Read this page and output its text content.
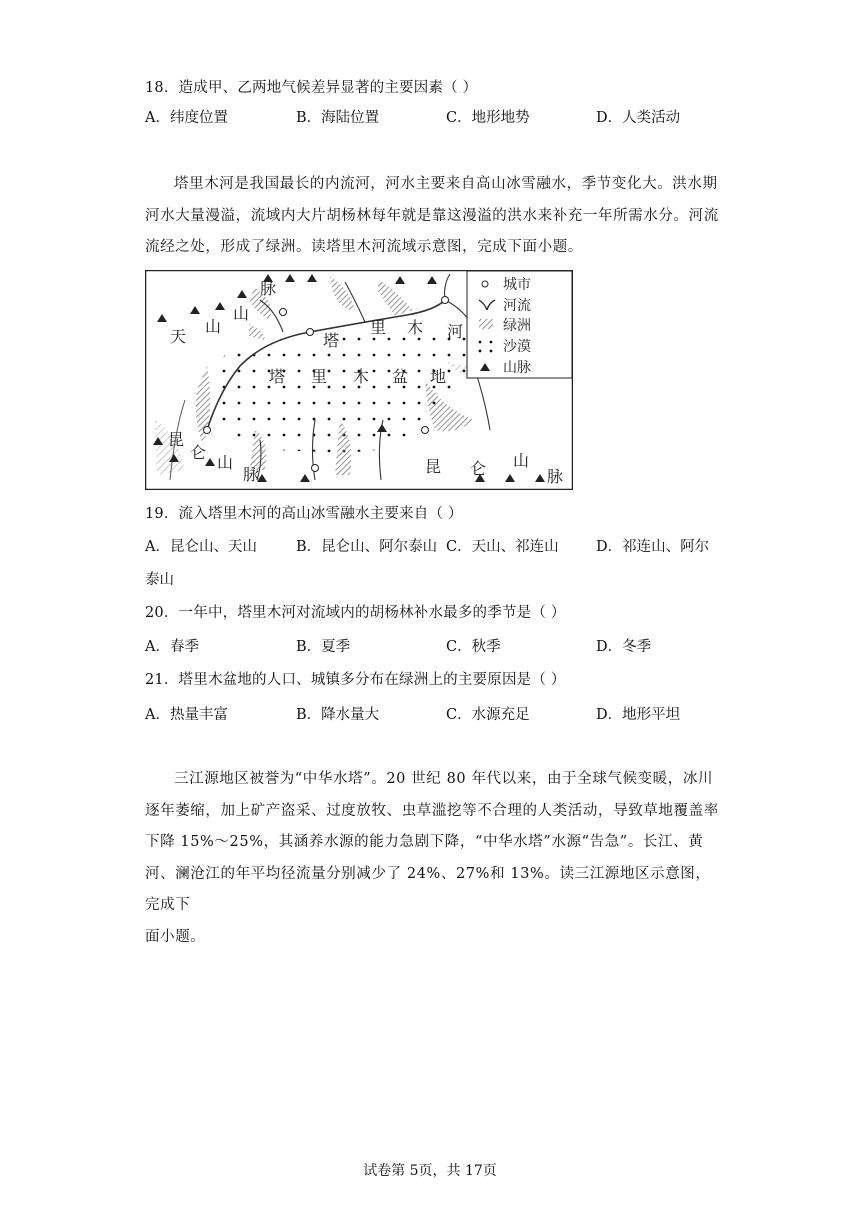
18．造成甲、乙两地气候差异显著的主要因素（ ）
A．纬度位置	B．海陆位置	C．地形地势	D．人类活动
塔里木河是我国最长的内流河，河水主要来自高山冰雪融水，季节变化大。洪水期
河水大量漫溢，流域内大片胡杨林每年就是靠这漫溢的洪水来补充一年所需水分。河流
流经之处，形成了绿洲。读塔里木河流域示意图，完成下面小题。
脉
山
天
山
塔
里 木 河
塔 里 木 盆 地
昆
仑
山
脉	昆 仑 山
脉
城市
河流
绿洲
沙漠
山脉
19．流入塔里木河的高山冰雪融水主要来自（ ）
A．昆仑山、天山	B．昆仑山、阿尔泰山 C．天山、祁连山	D．祁连山、阿尔
泰山
20．一年中，塔里木河对流域内的胡杨林补水最多的季节是（ ）
A．春季	B．夏季	C．秋季	D．冬季
21．塔里木盆地的人口、城镇多分布在绿洲上的主要原因是（ ）
A．热量丰富	B．降水量大	C．水源充足	D．地形平坦
三江源地区被誉为“中华水塔”。20 世纪 80 年代以来，由于全球气候变暖，冰川
逐年萎缩，加上矿产盗采、过度放牧、虫草滥挖等不合理的人类活动，导致草地覆盖率
下降 15%～25%，其涵养水源的能力急剧下降，“中华水塔”水源“告急”。长江、黄
河、澜沧江的年平均径流量分别减少了 24%、27%和 13%。读三江源地区示意图，完成下
面小题。
试卷第 5页，共 17页
